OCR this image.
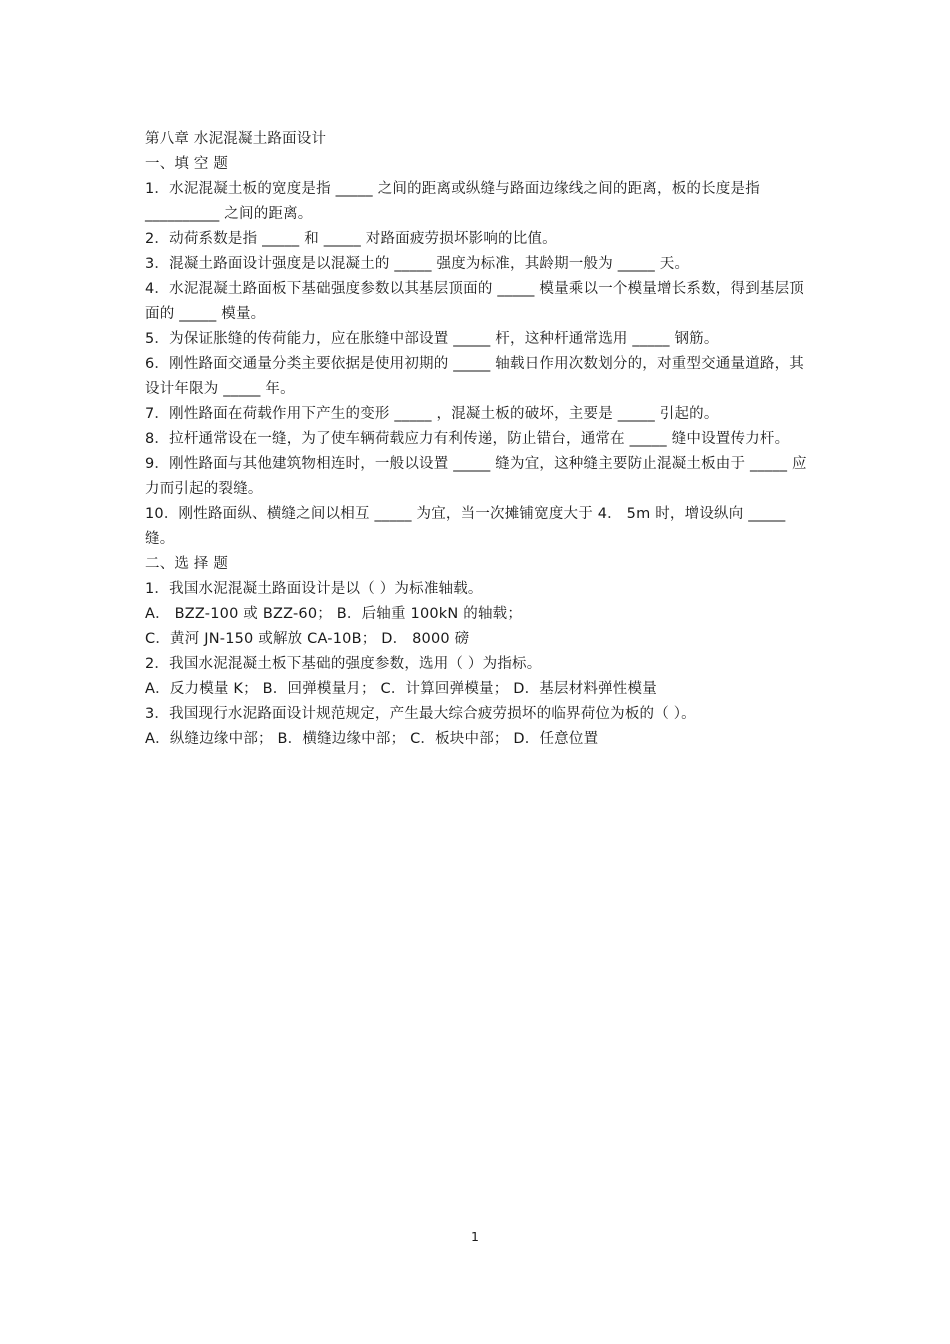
第八章 水泥混凝土路面设计

一、填 空 题

1．水泥混凝土板的宽度是指 _____ 之间的距离或纵缝与路面边缘线之间的距离，板的长度是指 __________ 之间的距离。

2．动荷系数是指 _____ 和 _____ 对路面疲劳损坏影响的比值。

3．混凝土路面设计强度是以混凝土的 _____ 强度为标准，其龄期一般为 _____ 天。

4．水泥混凝土路面板下基础强度参数以其基层顶面的 _____ 模量乘以一个模量增长系数，得到基层顶面的 _____ 模量。

5．为保证胀缝的传荷能力，应在胀缝中部设置 _____ 杆，这种杆通常选用 _____ 钢筋。

6．刚性路面交通量分类主要依据是使用初期的 _____ 轴载日作用次数划分的，对重型交通量道路，其设计年限为 _____ 年。

7．刚性路面在荷载作用下产生的变形 _____ ，混凝土板的破坏，主要是 _____ 引起的。

8．拉杆通常设在一缝，为了使车辆荷载应力有利传递，防止错台，通常在 _____ 缝中设置传力杆。

9．刚性路面与其他建筑物相连时，一般以设置 _____ 缝为宜，这种缝主要防止混凝土板由于 _____ 应力而引起的裂缝。

10．刚性路面纵、横缝之间以相互 _____ 为宜，当一次摊铺宽度大于 4． 5m 时，增设纵向 _____ 缝。

二、选 择 题

1．我国水泥混凝土路面设计是以（ ）为标准轴载。

A． BZZ-100 或 BZZ-60； B．后轴重 100kN 的轴载；

C．黄河 JN-150 或解放 CA-10B； D． 8000 磅

2．我国水泥混凝土板下基础的强度参数，选用（ ）为指标。

A．反力模量 K； B．回弹模量月； C．计算回弹模量； D．基层材料弹性模量

3．我国现行水泥路面设计规范规定，产生最大综合疲劳损坏的临界荷位为板的（ ）。

A．纵缝边缘中部； B．横缝边缘中部； C．板块中部； D．任意位置

1
